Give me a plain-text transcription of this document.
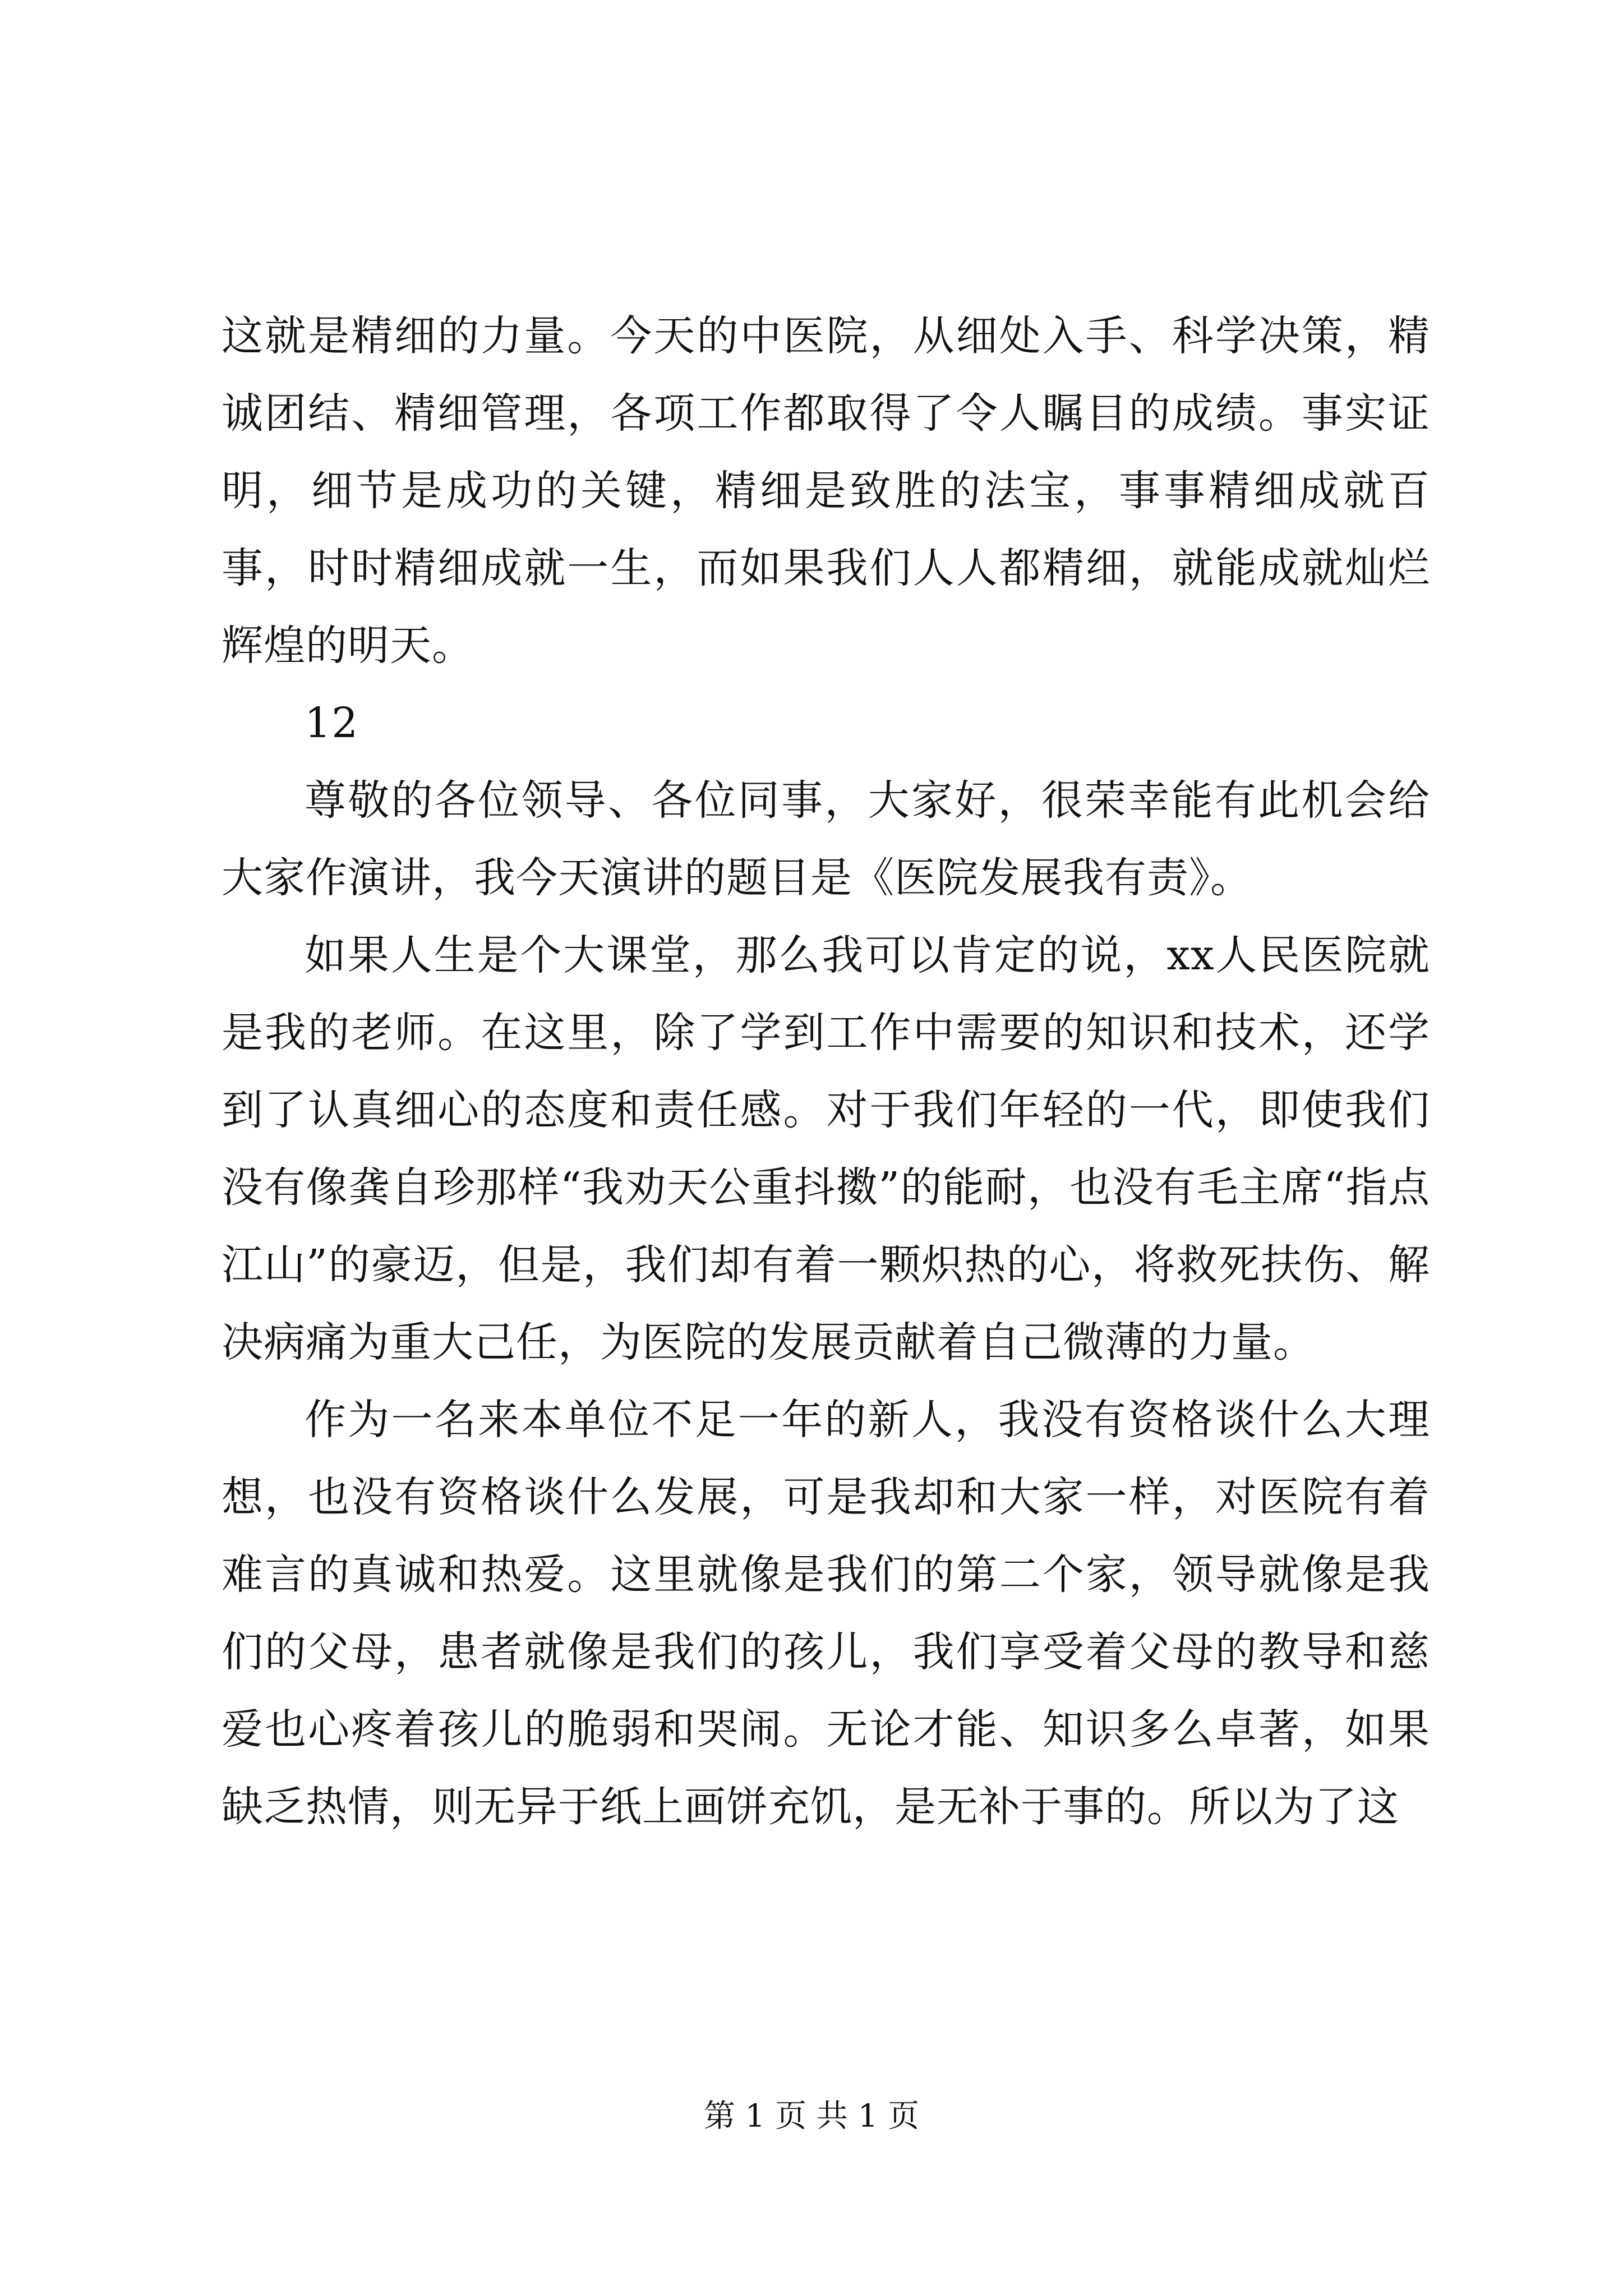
这就是精细的力量。今天的中医院，从细处入手、科学决策，精诚团结、精细管理，各项工作都取得了令人瞩目的成绩。事实证明，细节是成功的关键，精细是致胜的法宝，事事精细成就百事，时时精细成就一生，而如果我们人人都精细，就能成就灿烂辉煌的明天。

12

尊敬的各位领导、各位同事，大家好，很荣幸能有此机会给大家作演讲，我今天演讲的题目是《医院发展我有责》。

如果人生是个大课堂，那么我可以肯定的说，xx人民医院就是我的老师。在这里，除了学到工作中需要的知识和技术，还学到了认真细心的态度和责任感。对于我们年轻的一代，即使我们没有像龚自珍那样“我劝天公重抖擞”的能耐，也没有毛主席“指点江山”的豪迈，但是，我们却有着一颗炽热的心，将救死扶伤、解决病痛为重大己任，为医院的发展贡献着自己微薄的力量。

作为一名来本单位不足一年的新人，我没有资格谈什么大理想，也没有资格谈什么发展，可是我却和大家一样，对医院有着难言的真诚和热爱。这里就像是我们的第二个家，领导就像是我们的父母，患者就像是我们的孩儿，我们享受着父母的教导和慈爱也心疼着孩儿的脆弱和哭闹。无论才能、知识多么卓著，如果缺乏热情，则无异于纸上画饼充饥，是无补于事的。所以为了这

第 1 页 共 1 页
